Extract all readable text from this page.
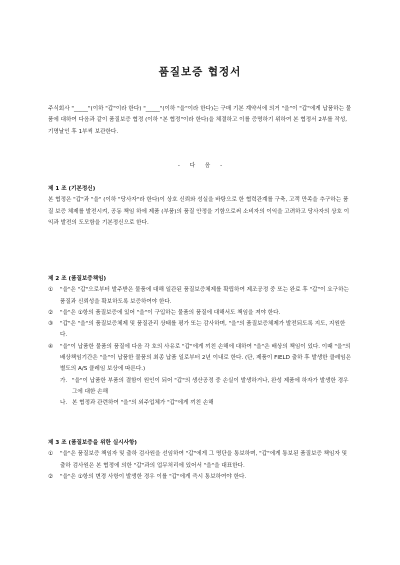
품질보증 협정서

주식회사 "_____"(이하 "갑"이라 한다) "_____"(이하 "을"이라 한다)는 구매 기본 계약서에 의거 "을"이 "갑"에게 납품하는 물품에 대하여 다음과 같이 품질보증 협정 (이하 "본 협정"이라 한다)을 체결하고 이를 증명하기 위하여 본 협정서 2부를 작성, 기명날인 후 1부씩 보관한다.

- 다 음 -
제 1 조 (기본정신)

본 협정은 "갑"과 "을" (이하 "당사자"라 한다)이 상호 신뢰와 성실을 바탕으로 한 협력관계를 구축, 고객 만족을 추구하는 품질 보증 체제를 발전시켜, 공동 책임 하에 제품 (부품)의 품질 안정을 기함으로써 소비자의 이익을 고려하고 당사자의 상호 이익과 발전의 도모함을 기본정신으로 한다.

제 2 조 (품질보증책임)
①	"을"은 "갑"으로부터 발주받은 물품에 대해 일관된 품질보증체제를 확립하여 제조공정 중 또는 완료 후 "갑"이 요구하는 품질과 신뢰성을 확보하도록 보증하여야 한다.
②	"을"은 ①항의 품질보증에 있어 "을"이 구입하는 물품의 품질에 대해서도 책임을 져야 한다.
③	"갑"은 "을"의 품질보증체제 및 품질관리 상태를 평가 또는 감사하며, "을"의 품질보증체제가 발전되도록 지도, 지원한다.
④	"을"이 납품한 물품의 품질에 다음 각 호의 사유로 "갑"에게 끼친 손해에 대하여 "을"은 배상의 책임이 있다. 이때 "을"의 배상책임기간은 "을"이 납품한 물품의 최종 납품 일로부터 2년 이내로 한다. (단, 제품이 FIELD 출하 후 발생한 클레임은 별도의 A/S 클레임 보상에 따른다.)
가. "을"이 납품한 부품의 결함이 원인이 되어 "갑"의 생산공정 중 손실이 발생하거나, 완성 제품에 하자가 발생한 경우 그에 대한 손해
나. 본 협정과 관련하여 "을"의 외주업체가 "갑"에게 끼친 손해
제 3 조 (품질보증을 위한 실시사항)
①	"을"은 품질보증 책임자 및 출하 검사원을 선임하여 "갑"에게 그 명단을 통보하며, "갑"에게 통보된 품질보증 책임자 및 출하 검사원은 본 협정에 의한 "갑"과의 업무처리에 있어서 "을"을 대표한다.
②	"을"은 ①항의 변경 사항이 발생한 경우 이를 "갑"에게 즉시 통보하여야 한다.
